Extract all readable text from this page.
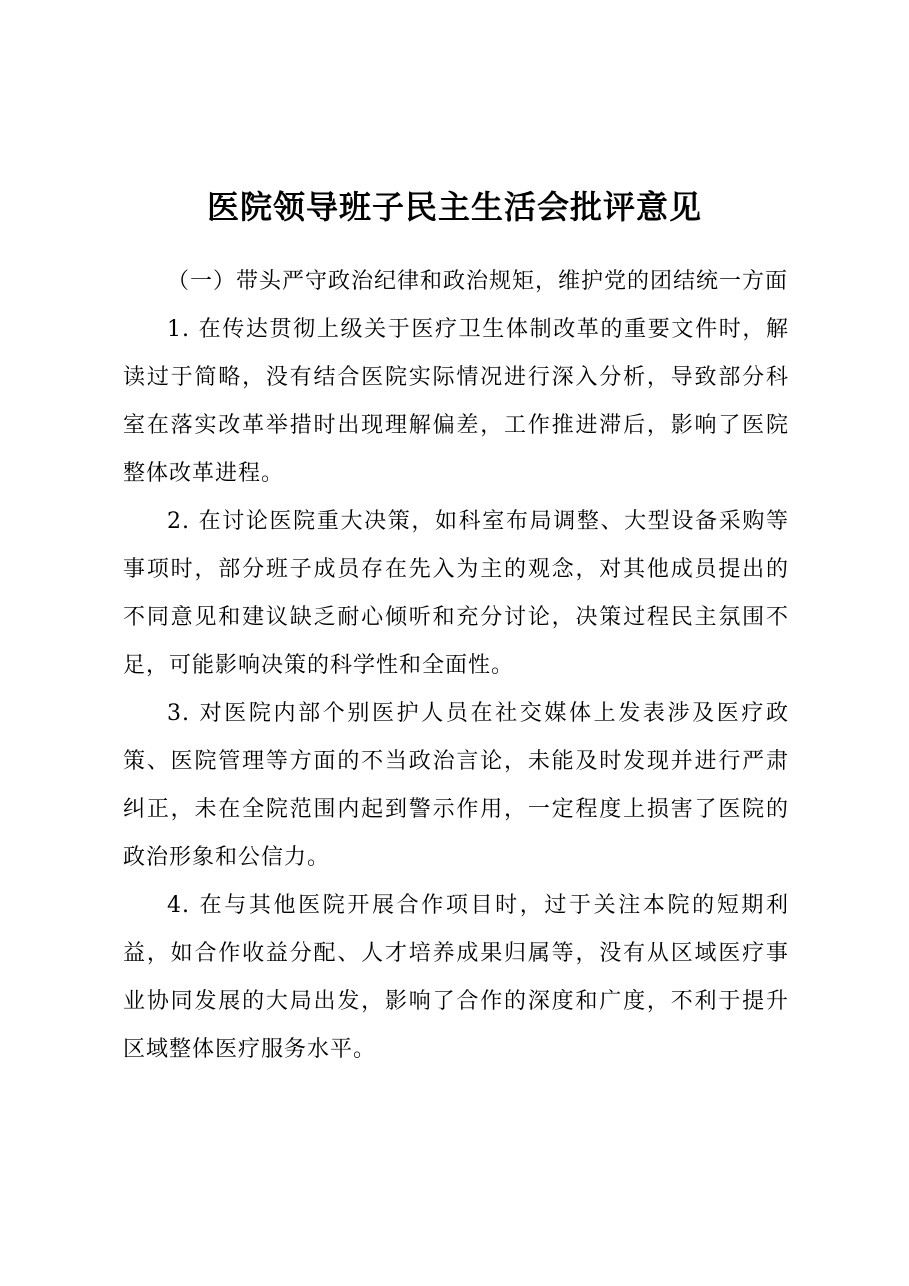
医院领导班子民主生活会批评意见

（一）带头严守政治纪律和政治规矩，维护党的团结统一方面

1. 在传达贯彻上级关于医疗卫生体制改革的重要文件时，解读过于简略，没有结合医院实际情况进行深入分析，导致部分科室在落实改革举措时出现理解偏差，工作推进滞后，影响了医院整体改革进程。

2. 在讨论医院重大决策，如科室布局调整、大型设备采购等事项时，部分班子成员存在先入为主的观念，对其他成员提出的不同意见和建议缺乏耐心倾听和充分讨论，决策过程民主氛围不足，可能影响决策的科学性和全面性。

3. 对医院内部个别医护人员在社交媒体上发表涉及医疗政策、医院管理等方面的不当政治言论，未能及时发现并进行严肃纠正，未在全院范围内起到警示作用，一定程度上损害了医院的政治形象和公信力。

4. 在与其他医院开展合作项目时，过于关注本院的短期利益，如合作收益分配、人才培养成果归属等，没有从区域医疗事业协同发展的大局出发，影响了合作的深度和广度，不利于提升区域整体医疗服务水平。
